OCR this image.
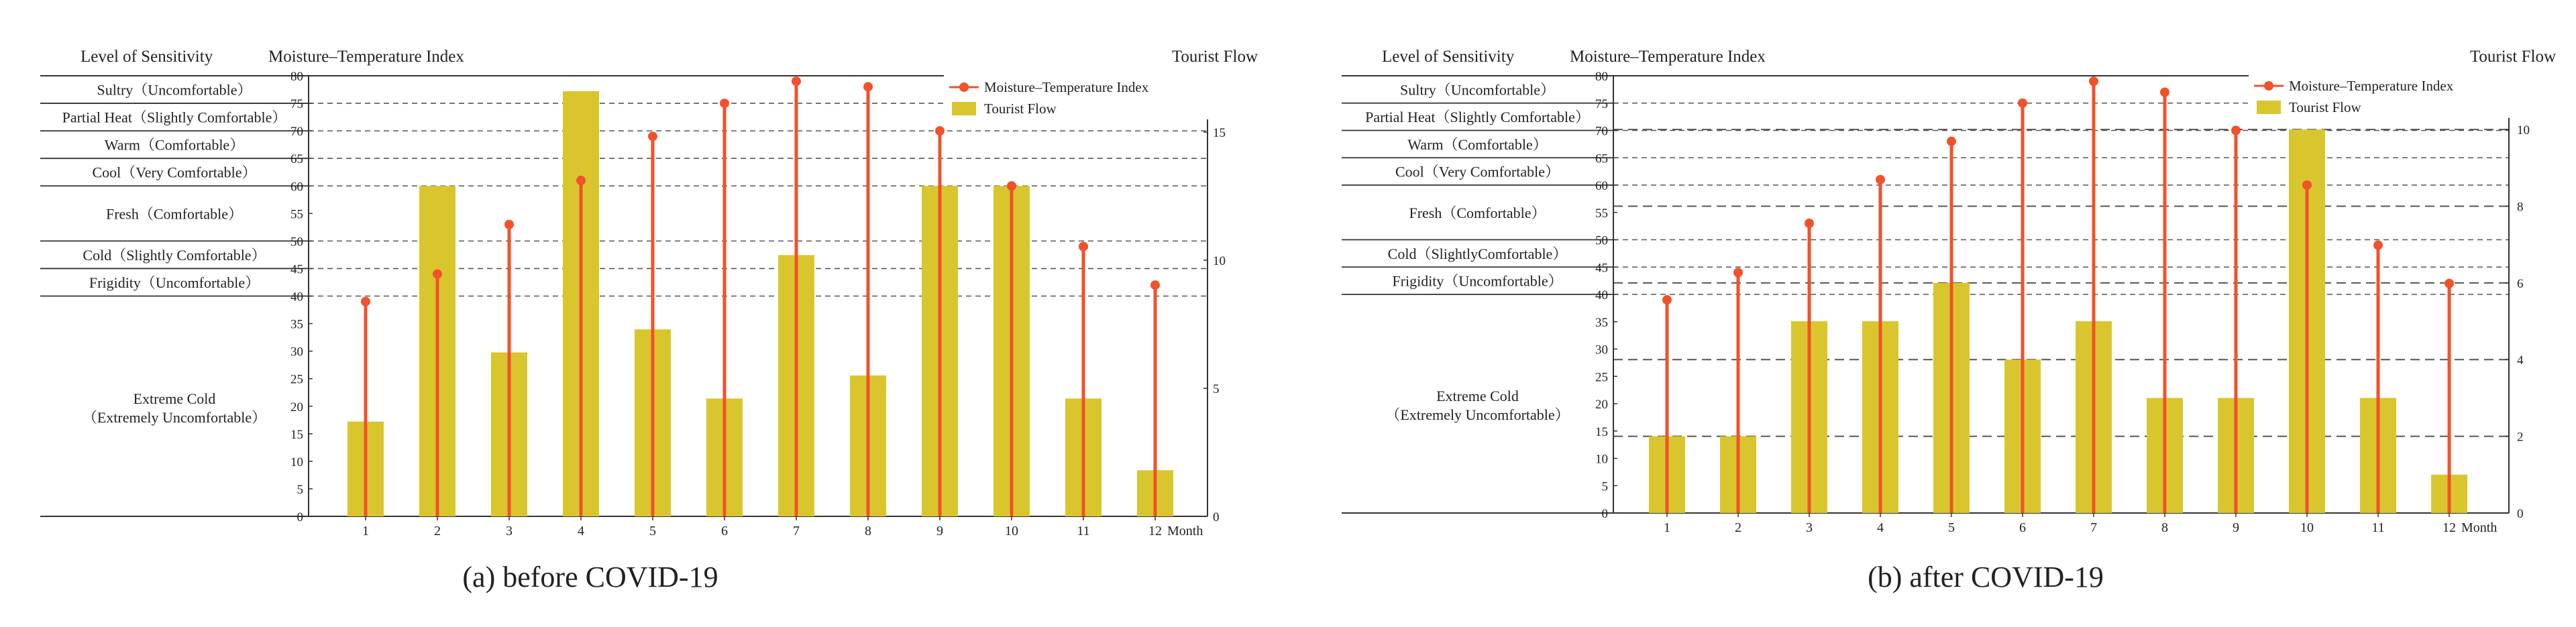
Level of Sensitivity	Moisture–Temperature Index	Tourist Flow
Sultry（Uncomfortable）
Partial Heat（Slightly Comfortable）
Warm（Comfortable）
Cool（Very Comfortable）
Fresh（Comfortable）
Cold（Slightly Comfortable）
Frigidity（Uncomfortable）
Extreme Cold
（Extremely Uncomfortable）
0
5
10
15
20
25
30
35
40
45
50
55
60
65
70
75
80
0
5
10
15
1	2	3	4	5	6	7	8	9	10	11	12 Month
Moisture–Temperature Index
Tourist Flow
(a) before COVID-19
Level of Sensitivity	Moisture–Temperature Index	Tourist Flow
Sultry（Uncomfortable）
Partial Heat（Slightly Comfortable）
Warm（Comfortable）
Cool（Very Comfortable）
Fresh（Comfortable）
Cold（SlightlyComfortable）
Frigidity（Uncomfortable）
Extreme Cold
（Extremely Uncomfortable）
0
5
10
15
20
25
30
35
40
45
50
55
60
65
70
75
80
0
2
4
6
8
10
1	2	3	4	5	6	7	8	9	10	11	12 Month
Moisture–Temperature Index
Tourist Flow
(b) after COVID-19
